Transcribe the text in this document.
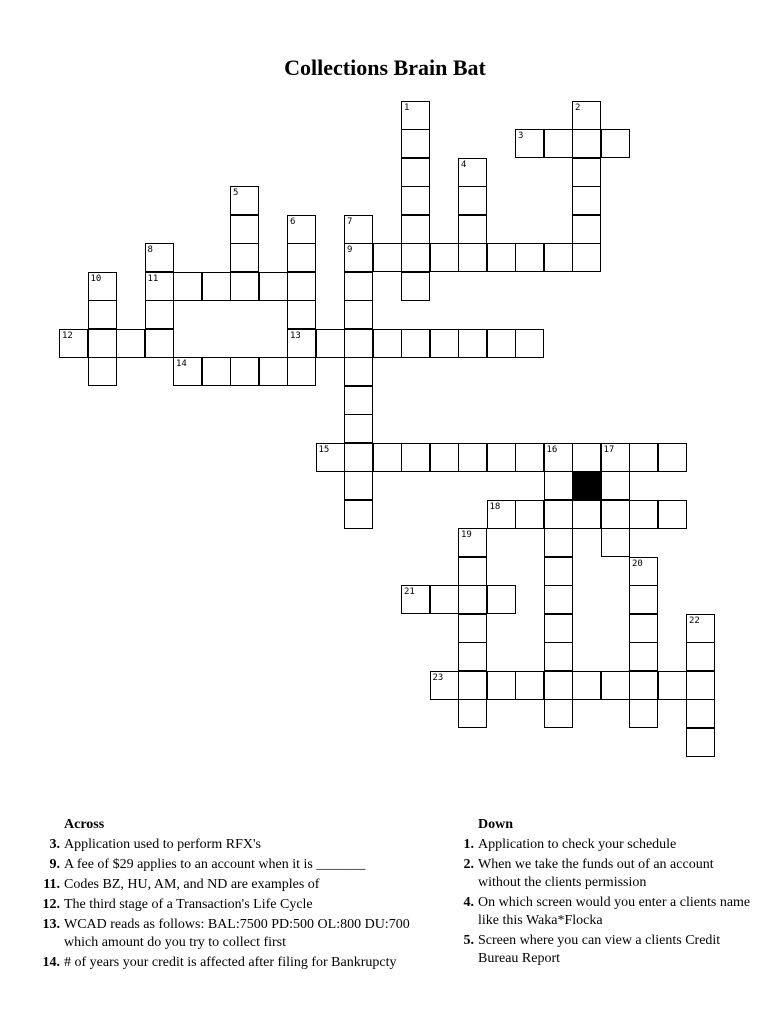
Collections Brain Bat
1	2
3
4
5
6	7
8	9
10	11
12	13
14
15	16	17
18
19
20
21
22
23
Across
3. Application used to perform RFX's
9. A fee of $29 applies to an account when it is _______
11. Codes BZ, HU, AM, and ND are examples of
12. The third stage of a Transaction's Life Cycle
13. WCAD reads as follows: BAL:7500 PD:500 OL:800 DU:700 which amount do you try to collect first
14. # of years your credit is affected after filing for Bankrupcty
Down
1. Application to check your schedule
2. When we take the funds out of an account without the clients permission
4. On which screen would you enter a clients name like this Waka*Flocka
5. Screen where you can view a clients Credit Bureau Report
